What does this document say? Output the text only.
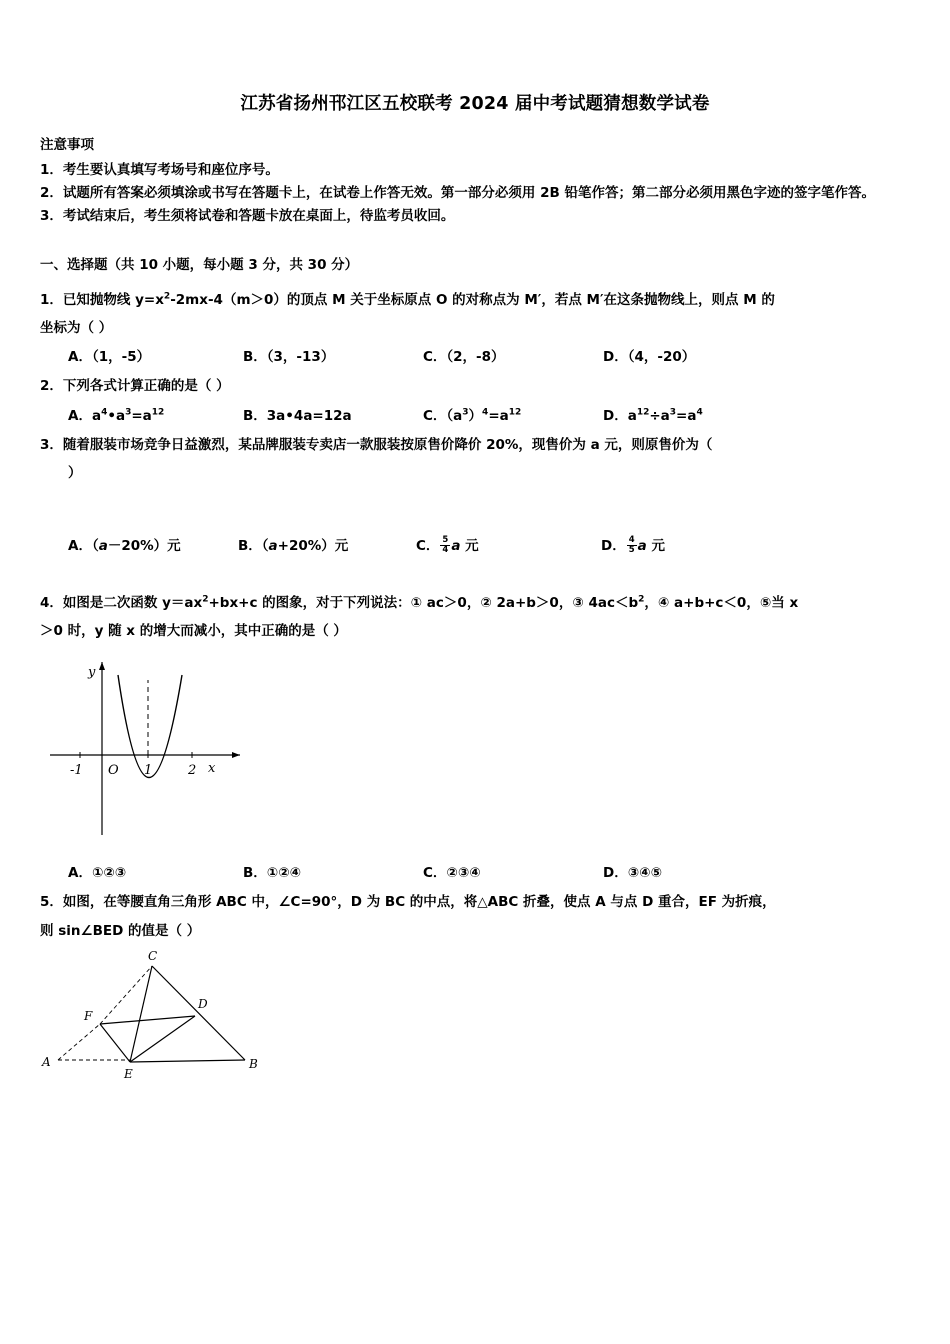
江苏省扬州邗江区五校联考 2024 届中考试题猜想数学试卷
注意事项
1．考生要认真填写考场号和座位序号。
2．试题所有答案必须填涂或书写在答题卡上，在试卷上作答无效。第一部分必须用 2B 铅笔作答；第二部分必须用黑色字迹的签字笔作答。
3．考试结束后，考生须将试卷和答题卡放在桌面上，待监考员收回。
一、选择题（共 10 小题，每小题 3 分，共 30 分）
1．已知抛物线 $y=x^2-2mx-4(m>0)$的顶点 M 关于坐标原点 O 的对称点为 M′，若点 M′在这条抛物线上，则点 M 的
坐标为（ ）
A．（1，-5）	B．（3，-13）	C．（2，-8）	D．（4，-20）
2．下列各式计算正确的是（ ）
A．$a^4•a^3=a^{12}$	B．3a•4a=12a	C．$(a^3)^4=a^{12}$	D．$a^{12}\div a^3=a^4$
3．随着服装市场竞争日益激烈，某品牌服装专卖店一款服装按原售价降价 20%，现售价为 a 元，则原售价为（
）
A．（a－20%）元	B．（a+20%）元	C． $\frac{5}{4}$ a 元	D． $\frac{4}{5}$ a 元
4．如图是二次函数 $y=ax^2+bx+c$ 的图象，对于下列说法：① ac＞0，② 2a+b＞0，③ $4ac<b^2$，④ a+b+c＜0，⑤当 x
＞0 时，y 随 x 的增大而减小，其中正确的是（ ）
-1 O 1	2 x
y
A．①②③	B．①②④	C．②③④	D．③④⑤
5．如图，在等腰直角三角形 ABC 中，∠C=90°，D 为 BC 的中点，将△ABC 折叠，使点 A 与点 D 重合，EF 为折痕，
则 sin∠BED 的值是（ ）
C
F
D
A
E
B
